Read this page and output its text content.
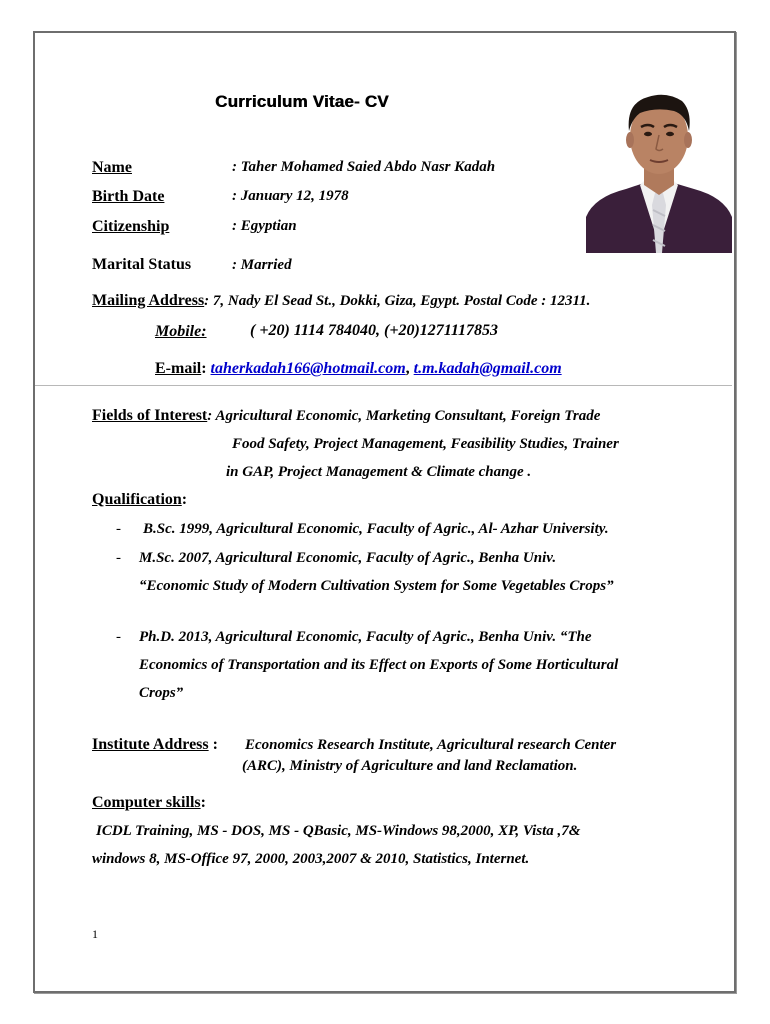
Curriculum Vitae- CV
Name	: Taher Mohamed Saied Abdo Nasr Kadah
Birth Date	: January 12, 1978
Citizenship	: Egyptian
Marital Status	: Married
Mailing Address: 7, Nady El Sead St., Dokki, Giza, Egypt. Postal Code : 12311.
Mobile:	( +20) 1114 784040, (+20)1271117853
E-mail: taherkadah166@hotmail.com, t.m.kadah@gmail.com
Fields of Interest: Agricultural Economic, Marketing Consultant, Foreign Trade
Food Safety, Project Management, Feasibility Studies, Trainer
in GAP, Project Management & Climate change .
Qualification:
- B.Sc. 1999, Agricultural Economic, Faculty of Agric., Al- Azhar University.
- M.Sc. 2007, Agricultural Economic, Faculty of Agric., Benha Univ.
“Economic Study of Modern Cultivation System for Some Vegetables Crops”
- Ph.D. 2013, Agricultural Economic, Faculty of Agric., Benha Univ. “The
Economics of Transportation and its Effect on Exports of Some Horticultural
Crops”
Institute Address : Economics Research Institute, Agricultural research Center
(ARC), Ministry of Agriculture and land Reclamation.
Computer skills:
ICDL Training, MS - DOS, MS - QBasic, MS-Windows 98,2000, XP, Vista ,7&
windows 8, MS-Office 97, 2000, 2003,2007 & 2010, Statistics, Internet.
1
